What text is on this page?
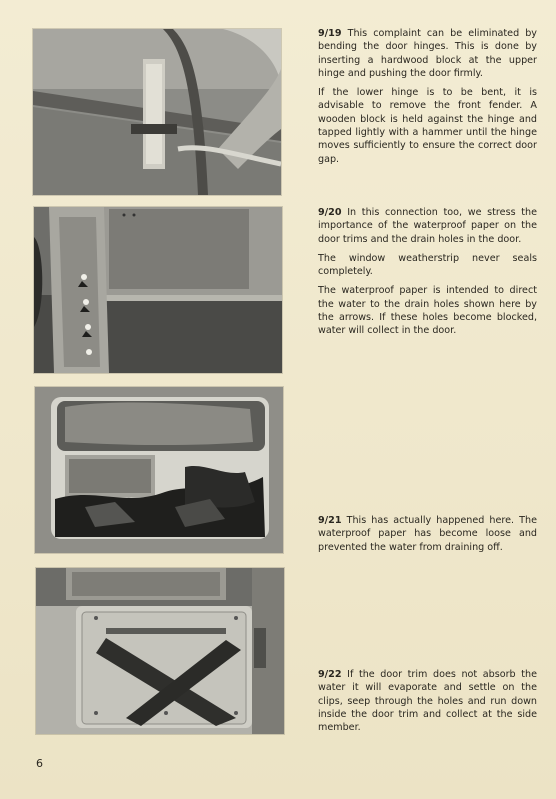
9/19 This complaint can be eliminated by bending the door hinges. This is done by inserting a hardwood block at the upper hinge and pushing the door firmly.

If the lower hinge is to be bent, it is advisable to remove the front fender. A wooden block is held against the hinge and tapped lightly with a hammer until the hinge moves sufficiently to ensure the correct door gap.

9/20 In this connection too, we stress the importance of the waterproof paper on the door trims and the drain holes in the door.

The window weatherstrip never seals completely.

The waterproof paper is intended to direct the water to the drain holes shown here by the arrows. If these holes become blocked, water will collect in the door.

9/21 This has actually happened here. The waterproof paper has become loose and prevented the water from draining off.

9/22 If the door trim does not absorb the water it will evaporate and settle on the clips, seep through the holes and run down inside the door trim and collect at the side member.

6
